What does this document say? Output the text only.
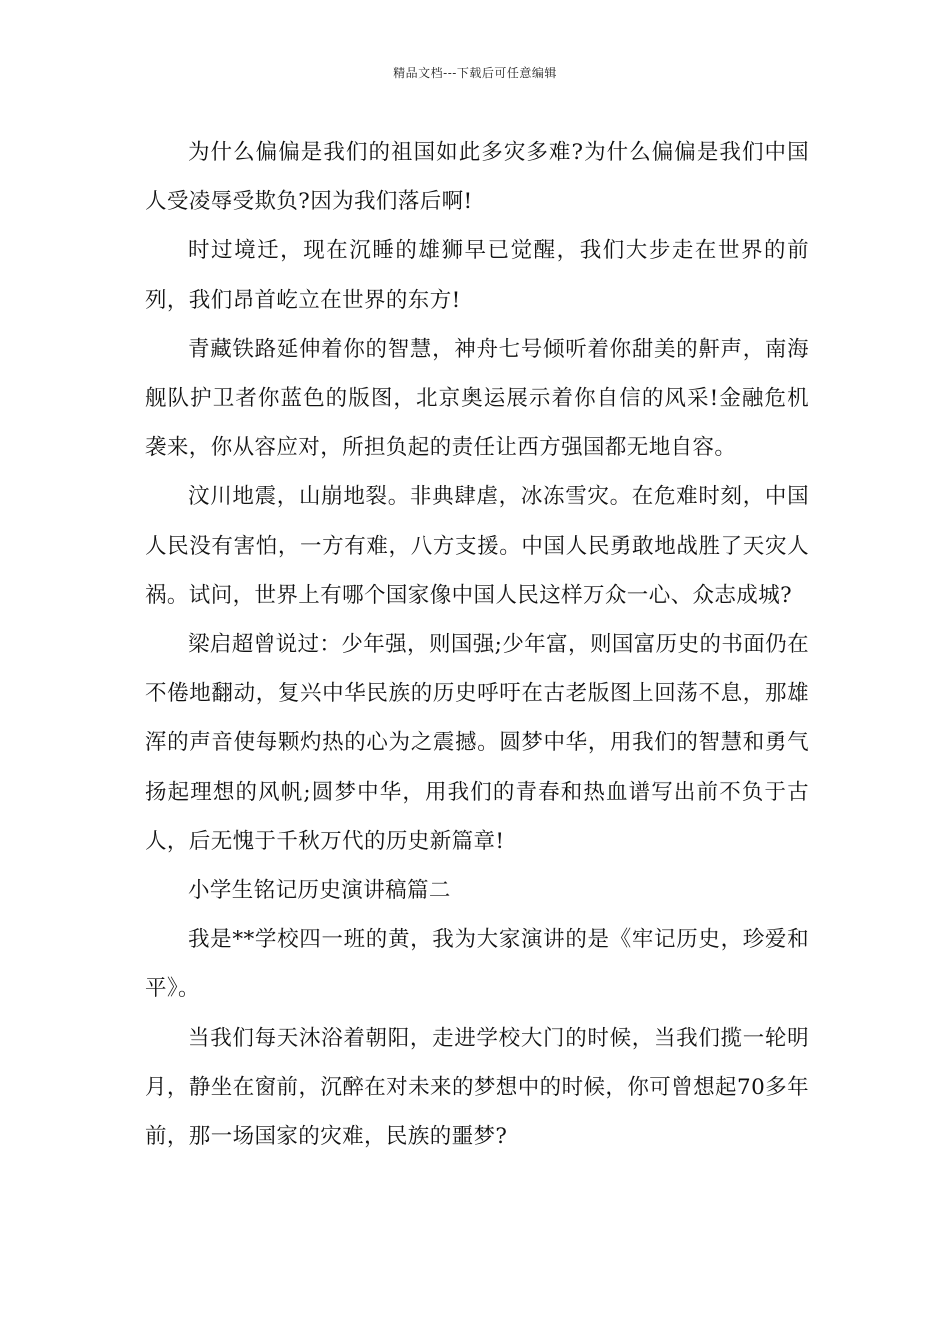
精品文档---下载后可任意编辑

为什么偏偏是我们的祖国如此多灾多难?为什么偏偏是我们中国人受凌辱受欺负?因为我们落后啊!

时过境迁，现在沉睡的雄狮早已觉醒，我们大步走在世界的前列，我们昂首屹立在世界的东方!

青藏铁路延伸着你的智慧，神舟七号倾听着你甜美的鼾声，南海舰队护卫者你蓝色的版图，北京奥运展示着你自信的风采!金融危机袭来，你从容应对，所担负起的责任让西方强国都无地自容。

汶川地震，山崩地裂。非典肆虐，冰冻雪灾。在危难时刻，中国人民没有害怕，一方有难，八方支援。中国人民勇敢地战胜了天灾人祸。试问，世界上有哪个国家像中国人民这样万众一心、众志成城?

梁启超曾说过：少年强，则国强;少年富，则国富历史的书面仍在不倦地翻动，复兴中华民族的历史呼吁在古老版图上回荡不息，那雄浑的声音使每颗灼热的心为之震撼。圆梦中华，用我们的智慧和勇气扬起理想的风帆;圆梦中华，用我们的青春和热血谱写出前不负于古人，后无愧于千秋万代的历史新篇章!

小学生铭记历史演讲稿篇二

我是**学校四一班的黄，我为大家演讲的是《牢记历史，珍爱和平》。

当我们每天沐浴着朝阳，走进学校大门的时候，当我们揽一轮明月，静坐在窗前，沉醉在对未来的梦想中的时候，你可曾想起70多年前，那一场国家的灾难，民族的噩梦?
